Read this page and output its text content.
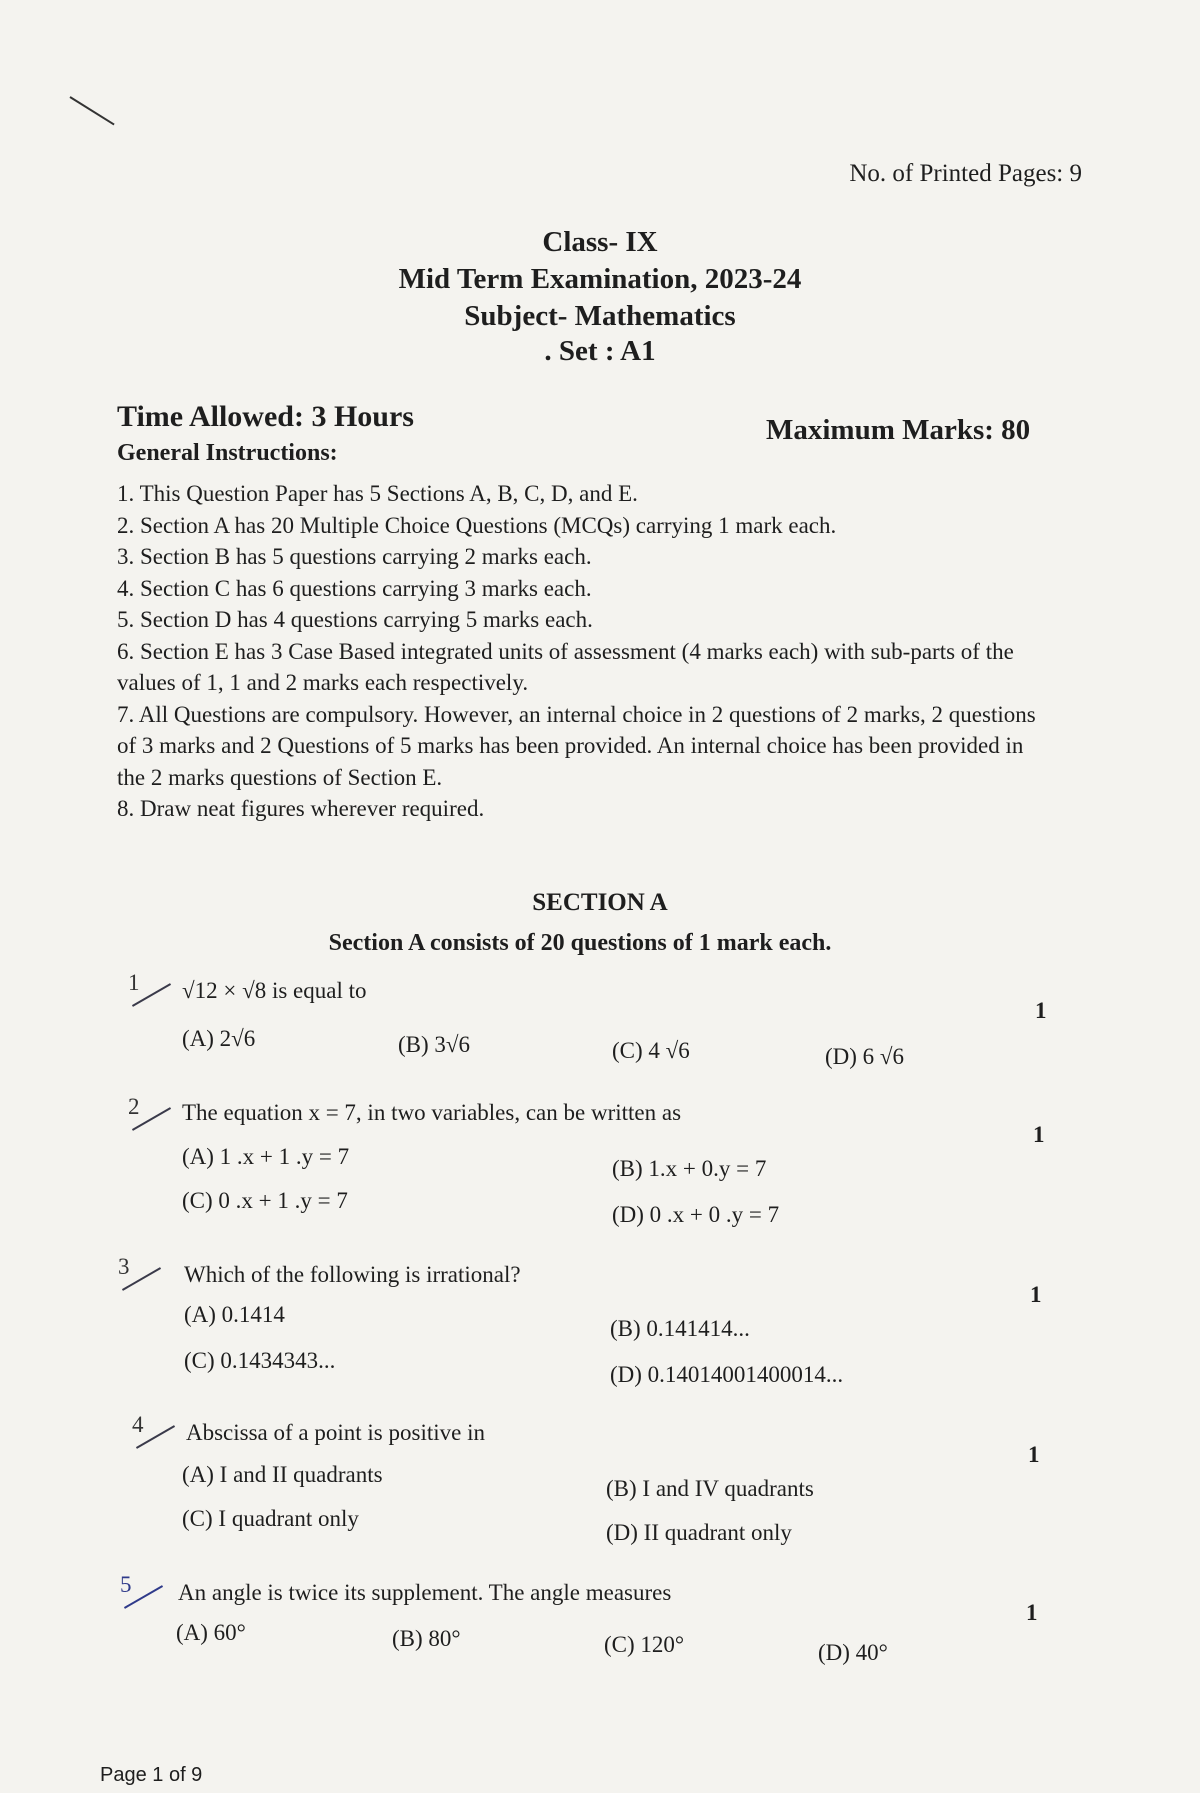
No. of Printed Pages: 9
Class- IX
Mid Term Examination, 2023-24
Subject- Mathematics
. Set : A1
Time Allowed: 3 Hours	Maximum Marks: 80
General Instructions:

1. This Question Paper has 5 Sections A, B, C, D, and E.

2. Section A has 20 Multiple Choice Questions (MCQs) carrying 1 mark each.

3. Section B has 5 questions carrying 2 marks each.

4. Section C has 6 questions carrying 3 marks each.

5. Section D has 4 questions carrying 5 marks each.

6. Section E has 3 Case Based integrated units of assessment (4 marks each) with sub-parts of the values of 1, 1 and 2 marks each respectively.

7. All Questions are compulsory. However, an internal choice in 2 questions of 2 marks, 2 questions of 3 marks and 2 Questions of 5 marks has been provided. An internal choice has been provided in the 2 marks questions of Section E.

8. Draw neat figures wherever required.

SECTION A
Section A consists of 20 questions of 1 mark each.
1 √12 × √8 is equal to
1
(A) 2√6	(B) 3√6	(C) 4 √6	(D) 6 √6
2 The equation x = 7, in two variables, can be written as
1
(A) 1 .x + 1 .y = 7	(B) 1.x + 0.y = 7
(C) 0 .x + 1 .y = 7
(D) 0 .x + 0 .y = 7
3 Which of the following is irrational?
1
(A) 0.1414
(B) 0.141414...
(C) 0.1434343...
(D) 0.14014001400014...
4 Abscissa of a point is positive in
1
(A) I and II quadrants
(B) I and IV quadrants
(C) I quadrant only
(D) II quadrant only
5 An angle is twice its supplement. The angle measures
1
(A) 60°	(B) 80°	(C) 120°	(D) 40°
Page 1 of 9
